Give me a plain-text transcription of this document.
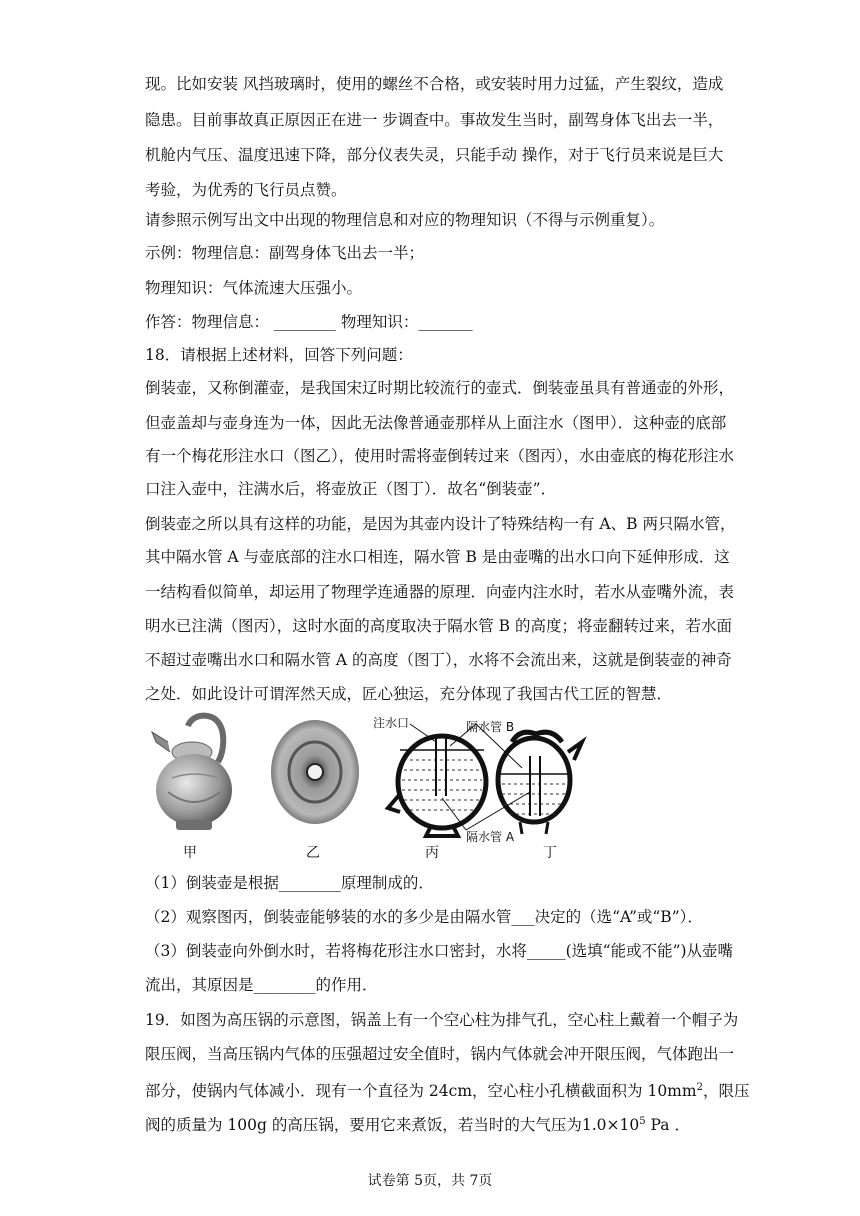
现。比如安装 风挡玻璃时，使用的螺丝不合格，或安装时用力过猛，产生裂纹，造成
隐患。目前事故真正原因正在进一 步调查中。事故发生当时，副驾身体飞出去一半，
机舱内气压、温度迅速下降，部分仪表失灵，只能手动 操作，对于飞行员来说是巨大
考验，为优秀的飞行员点赞。
请参照示例写出文中出现的物理信息和对应的物理知识（不得与示例重复）。
示例：物理信息：副驾身体飞出去一半；
物理知识：气体流速大压强小。
作答：物理信息： ________ 物理知识：_______
18．请根据上述材料，回答下列问题：
倒装壶，又称倒灌壶，是我国宋辽时期比较流行的壶式．倒装壶虽具有普通壶的外形，
但壶盖却与壶身连为一体，因此无法像普通壶那样从上面注水（图甲）．这种壶的底部
有一个梅花形注水口（图乙），使用时需将壶倒转过来（图丙），水由壶底的梅花形注水
口注入壶中，注满水后，将壶放正（图丁）．故名“倒装壶”．
倒装壶之所以具有这样的功能，是因为其壶内设计了特殊结构一有 A、B 两只隔水管，
其中隔水管 A 与壶底部的注水口相连，隔水管 B 是由壶嘴的出水口向下延伸形成．这
一结构看似简单，却运用了物理学连通器的原理．向壶内注水时，若水从壶嘴外流，表
明水已注满（图丙），这时水面的高度取决于隔水管 B 的高度；将壶翻转过来，若水面
不超过壶嘴出水口和隔水管 A 的高度（图丁），水将不会流出来，这就是倒装壶的神奇
之处．如此设计可谓浑然天成，匠心独运，充分体现了我国古代工匠的智慧．
注水口	隔水管 B
隔水管 A
甲	乙	丙	丁
（1）倒装壶是根据________原理制成的．
（2）观察图丙，倒装壶能够装的水的多少是由隔水管___决定的（选“A”或“B”）．
（3）倒装壶向外倒水时，若将梅花形注水口密封，水将_____(选填“能或不能”)从壶嘴
流出，其原因是________的作用．
19．如图为高压锅的示意图，锅盖上有一个空心柱为排气孔，空心柱上戴着一个帽子为
限压阀，当高压锅内气体的压强超过安全值时，锅内气体就会冲开限压阀，气体跑出一
部分，使锅内气体减小．现有一个直径为 24cm，空心柱小孔横截面积为 $10mm^2$，限压
阀的质量为 100g 的高压锅，要用它来煮饭，若当时的大气压为$1.0\times 10^5$ Pa ．
试卷第 5页，共 7页
